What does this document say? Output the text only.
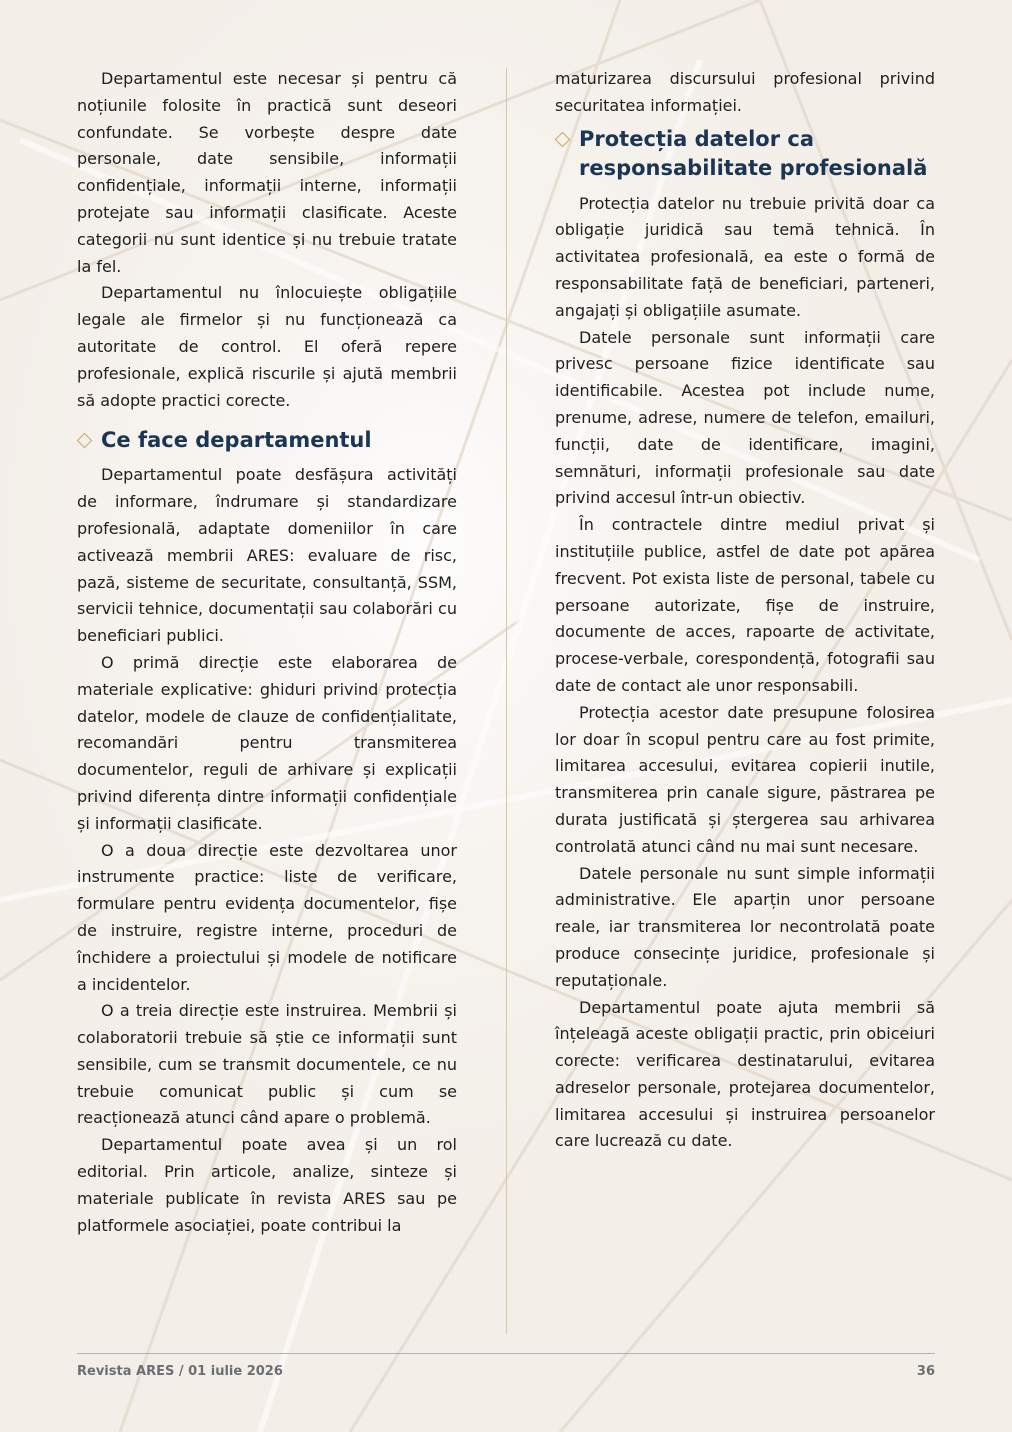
Departamentul este necesar și pentru că noțiunile folosite în practică sunt deseori confundate. Se vorbește despre date personale, date sensibile, informații confidențiale, informații interne, informații protejate sau informații clasificate. Aceste categorii nu sunt identice și nu trebuie tratate la fel.

Departamentul nu înlocuiește obligațiile legale ale firmelor și nu funcționează ca autoritate de control. El oferă repere profesionale, explică riscurile și ajută membrii să adopte practici corecte.

Ce face departamentul

Departamentul poate desfășura activități de informare, îndrumare și standardizare profesională, adaptate domeniilor în care activează membrii ARES: evaluare de risc, pază, sisteme de securitate, consultanță, SSM, servicii tehnice, documentații sau colaborări cu beneficiari publici.

O primă direcție este elaborarea de materiale explicative: ghiduri privind protecția datelor, modele de clauze de confidențialitate, recomandări pentru transmiterea documentelor, reguli de arhivare și explicații privind diferența dintre informații confidențiale și informații clasificate.

O a doua direcție este dezvoltarea unor instrumente practice: liste de verificare, formulare pentru evidența documentelor, fișe de instruire, registre interne, proceduri de închidere a proiectului și modele de notificare a incidentelor.

O a treia direcție este instruirea. Membrii și colaboratorii trebuie să știe ce informații sunt sensibile, cum se transmit documentele, ce nu trebuie comunicat public și cum se reacționează atunci când apare o problemă.

Departamentul poate avea și un rol editorial. Prin articole, analize, sinteze și materiale publicate în revista ARES sau pe platformele asociației, poate contribui la

maturizarea discursului profesional privind securitatea informației.

Protecția datelor ca responsabilitate profesională

Protecția datelor nu trebuie privită doar ca obligație juridică sau temă tehnică. În activitatea profesională, ea este o formă de responsabilitate față de beneficiari, parteneri, angajați și obligațiile asumate.

Datele personale sunt informații care privesc persoane fizice identificate sau identificabile. Acestea pot include nume, prenume, adrese, numere de telefon, emailuri, funcții, date de identificare, imagini, semnături, informații profesionale sau date privind accesul într-un obiectiv.

În contractele dintre mediul privat și instituțiile publice, astfel de date pot apărea frecvent. Pot exista liste de personal, tabele cu persoane autorizate, fișe de instruire, documente de acces, rapoarte de activitate, procese-verbale, corespondență, fotografii sau date de contact ale unor responsabili.

Protecția acestor date presupune folosirea lor doar în scopul pentru care au fost primite, limitarea accesului, evitarea copierii inutile, transmiterea prin canale sigure, păstrarea pe durata justificată și ștergerea sau arhivarea controlată atunci când nu mai sunt necesare.

Datele personale nu sunt simple informații administrative. Ele aparțin unor persoane reale, iar transmiterea lor necontrolată poate produce consecințe juridice, profesionale și reputaționale.

Departamentul poate ajuta membrii să înțeleagă aceste obligații practic, prin obiceiuri corecte: verificarea destinatarului, evitarea adreselor personale, protejarea documentelor, limitarea accesului și instruirea persoanelor care lucrează cu date.

Revista ARES / 01 iulie 2026	36
